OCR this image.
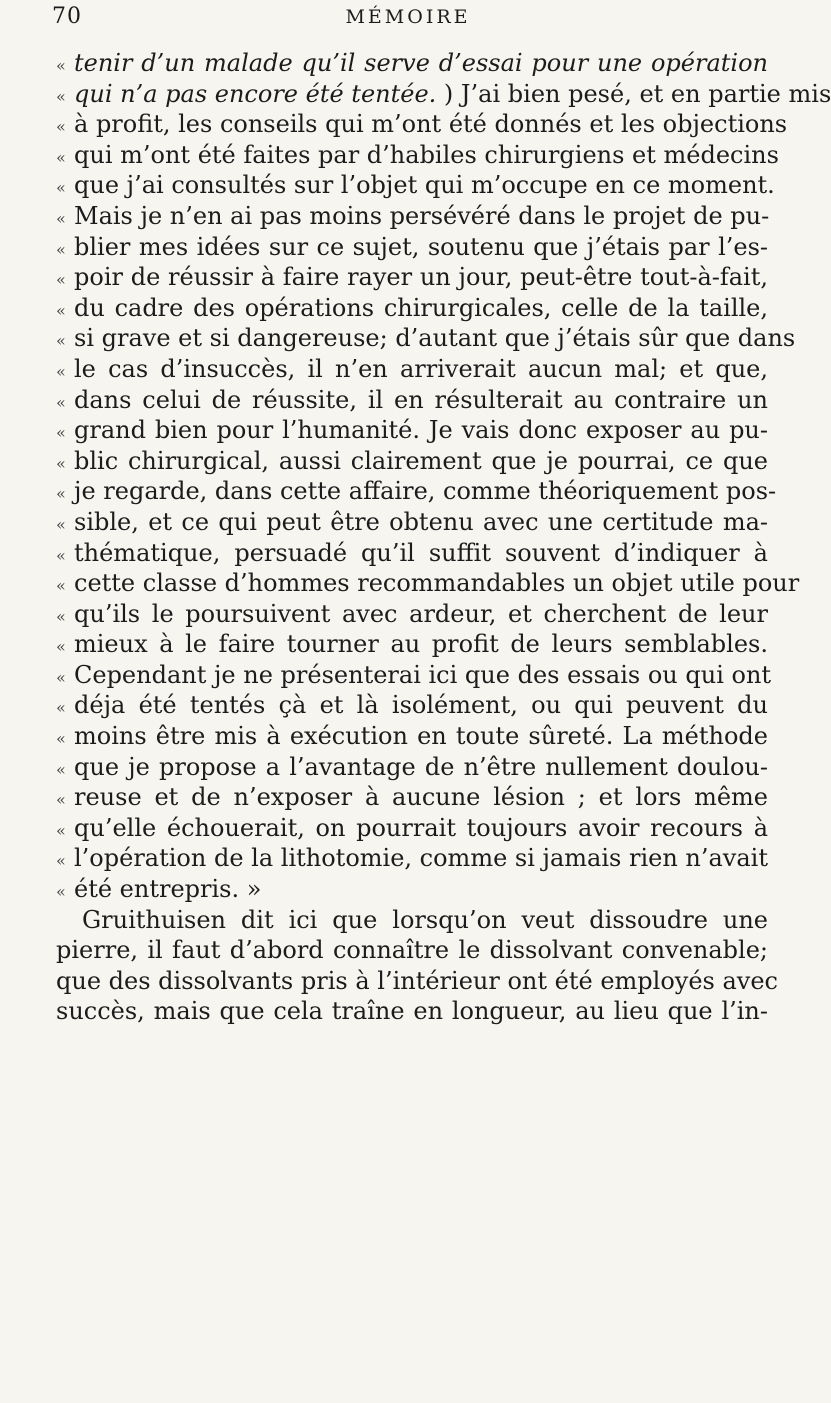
70	MÉMOIRE
« tenir d’un malade qu’il serve d’essai pour une opération
« qui n’a pas encore été tentée. ) J’ai bien pesé, et en partie mis
« à profit, les conseils qui m’ont été donnés et les objections
« qui m’ont été faites par d’habiles chirurgiens et médecins
« que j’ai consultés sur l’objet qui m’occupe en ce moment.
« Mais je n’en ai pas moins persévéré dans le projet de pu-
« blier mes idées sur ce sujet, soutenu que j’étais par l’es-
« poir de réussir à faire rayer un jour, peut-être tout-à-fait,
« du cadre des opérations chirurgicales, celle de la taille,
« si grave et si dangereuse; d’autant que j’étais sûr que dans
« le cas d’insuccès, il n’en arriverait aucun mal; et que,
« dans celui de réussite, il en résulterait au contraire un
« grand bien pour l’humanité. Je vais donc exposer au pu-
« blic chirurgical, aussi clairement que je pourrai, ce que
« je regarde, dans cette affaire, comme théoriquement pos-
« sible, et ce qui peut être obtenu avec une certitude ma-
« thématique, persuadé qu’il suffit souvent d’indiquer à
« cette classe d’hommes recommandables un objet utile pour
« qu’ils le poursuivent avec ardeur, et cherchent de leur
« mieux à le faire tourner au profit de leurs semblables.
« Cependant je ne présenterai ici que des essais ou qui ont
« déja été tentés çà et là isolément, ou qui peuvent du
« moins être mis à exécution en toute sûreté. La méthode
« que je propose a l’avantage de n’être nullement doulou-
« reuse et de n’exposer à aucune lésion ; et lors même
« qu’elle échouerait, on pourrait toujours avoir recours à
« l’opération de la lithotomie, comme si jamais rien n’avait
« été entrepris. »
Gruithuisen dit ici que lorsqu’on veut dissoudre une
pierre, il faut d’abord connaître le dissolvant convenable;
que des dissolvants pris à l’intérieur ont été employés avec
succès, mais que cela traîne en longueur, au lieu que l’in-
